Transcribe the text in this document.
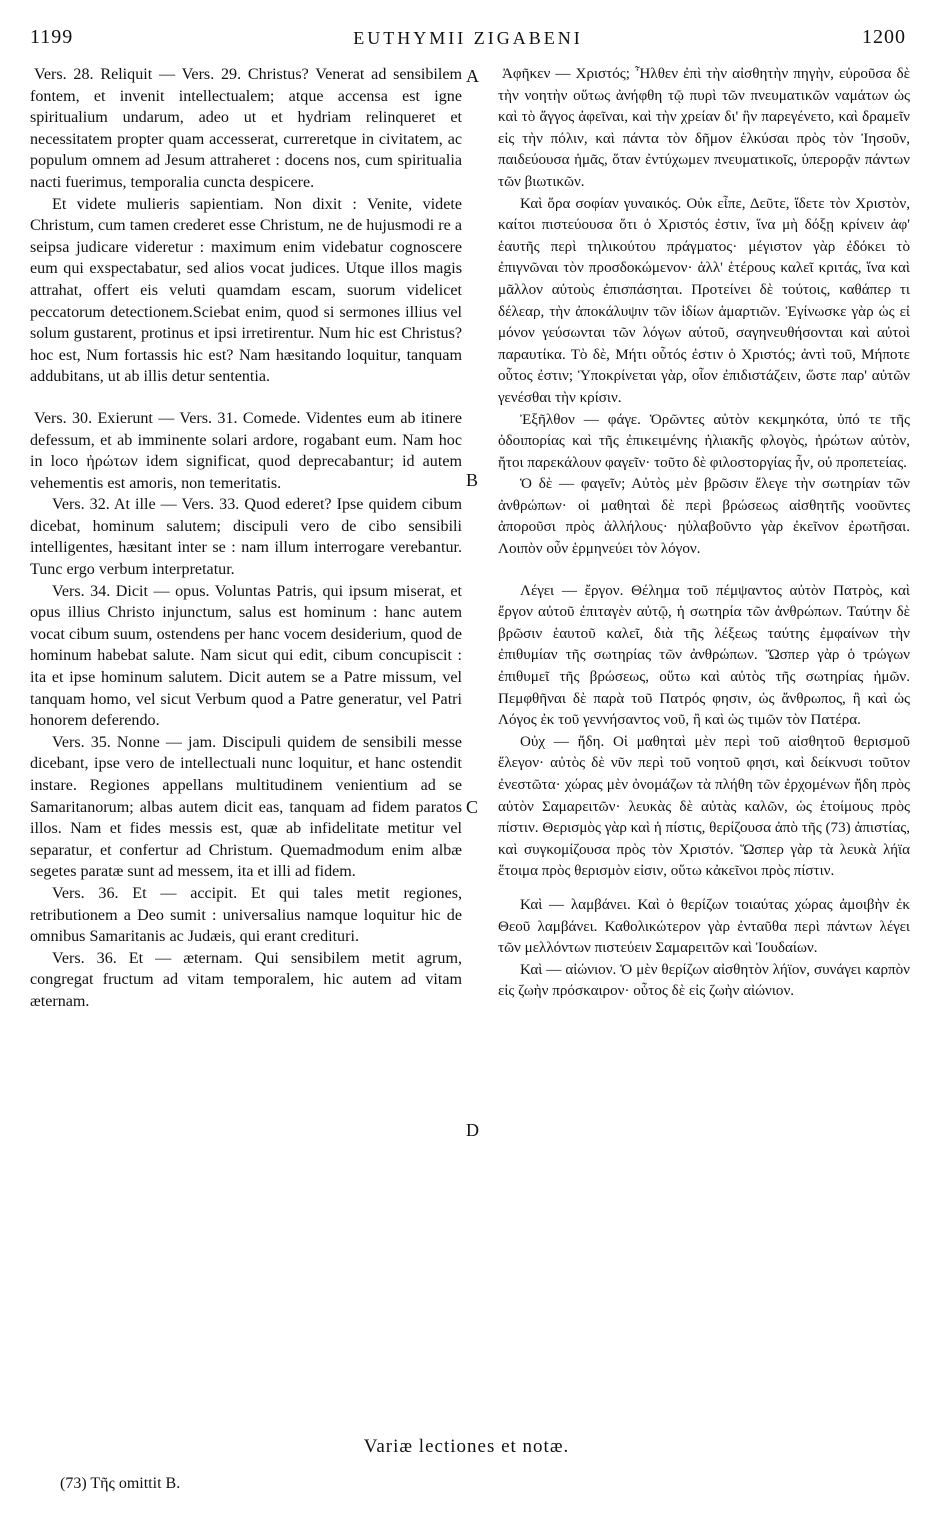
1199	EUTHYMII ZIGABENI	1200

Vers. 28. Reliquit — Vers. 29. Christus? Venerat ad sensibilem fontem, et invenit intellectualem; atque accensa est igne spiritualium undarum, adeo ut et hydriam relinqueret et necessitatem propter quam accesserat, curreretque in civitatem, ac populum omnem ad Jesum attraheret : docens nos, cum spiritualia nacti fuerimus, temporalia cuncta despicere.

Et videte mulieris sapientiam. Non dixit : Venite, videte Christum, cum tamen crederet esse Christum, ne de hujusmodi re a seipsa judicare videretur : maximum enim videbatur cognoscere eum qui exspectabatur, sed alios vocat judices. Utque illos magis attrahat, offert eis veluti quamdam escam, suorum videlicet peccatorum detectionem.Sciebat enim, quod si sermones illius vel solum gustarent, protinus et ipsi irretirentur. Num hic est Christus? hoc est, Num fortassis hic est? Nam hæsitando loquitur, tanquam addubitans, ut ab illis detur sententia.

Vers. 30. Exierunt — Vers. 31. Comede. Videntes eum ab itinere defessum, et ab imminente solari ardore, rogabant eum. Nam hoc in loco ἠρώτων idem significat, quod deprecabantur; id autem vehementis est amoris, non temeritatis.

Vers. 32. At ille — Vers. 33. Quod ederet? Ipse quidem cibum dicebat, hominum salutem; discipuli vero de cibo sensibili intelligentes, hæsitant inter se : nam illum interrogare verebantur. Tunc ergo verbum interpretatur.

Vers. 34. Dicit — opus. Voluntas Patris, qui ipsum miserat, et opus illius Christo injunctum, salus est hominum : hanc autem vocat cibum suum, ostendens per hanc vocem desiderium, quod de hominum habebat salute. Nam sicut qui edit, cibum concupiscit : ita et ipse hominum salutem. Dicit autem se a Patre missum, vel tanquam homo, vel sicut Verbum quod a Patre generatur, vel Patri honorem deferendo.

Vers. 35. Nonne — jam. Discipuli quidem de sensibili messe dicebant, ipse vero de intellectuali nunc loquitur, et hanc ostendit instare. Regiones appellans multitudinem venientium ad se Samaritanorum; albas autem dicit eas, tanquam ad fidem paratos illos. Nam et fides messis est, quæ ab infidelitate metitur vel separatur, et confertur ad Christum. Quemadmodum enim albæ segetes paratæ sunt ad messem, ita et illi ad fidem.

Vers. 36. Et — accipit. Et qui tales metit regiones, retributionem a Deo sumit : universalius namque loquitur hic de omnibus Samaritanis ac Judæis, qui erant credituri.

Vers. 36. Et — æternam. Qui sensibilem metit agrum, congregat fructum ad vitam temporalem, hic autem ad vitam æternam.

A
B
C
D

Ἀφῆκεν — Χριστός; Ἦλθεν ἐπὶ τὴν αἰσθητὴν πηγὴν, εὑροῦσα δὲ τὴν νοητὴν οὕτως ἀνήφθη τῷ πυρὶ τῶν πνευματικῶν ναμάτων ὡς καὶ τὸ ἄγγος ἀφεῖναι, καὶ τὴν χρείαν δι' ἣν παρεγένετο, καὶ δραμεῖν εἰς τὴν πόλιν, καὶ πάντα τὸν δῆμον ἑλκύσαι πρὸς τὸν Ἰησοῦν, παιδεύουσα ἡμᾶς, ὅταν ἐντύχωμεν πνευματικοῖς, ὑπερορᾷν πάντων τῶν βιωτικῶν.

Καὶ ὅρα σοφίαν γυναικός. Οὐκ εἶπε, Δεῦτε, ἴδετε τὸν Χριστὸν, καίτοι πιστεύουσα ὅτι ὁ Χριστός ἐστιν, ἵνα μὴ δόξῃ κρίνειν ἀφ' ἑαυτῆς περὶ τηλικούτου πράγματος· μέγιστον γὰρ ἐδόκει τὸ ἐπιγνῶναι τὸν προσδοκώμενον· ἀλλ' ἑτέρους καλεῖ κριτάς, ἵνα καὶ μᾶλλον αὐτοὺς ἐπισπάσηται. Προτείνει δὲ τούτοις, καθάπερ τι δέλεαρ, τὴν ἀποκάλυψιν τῶν ἰδίων ἁμαρτιῶν. Ἐγίνωσκε γὰρ ὡς εἰ μόνον γεύσωνται τῶν λόγων αὐτοῦ, σαγηνευθήσονται καὶ αὐτοὶ παραυτίκα. Τὸ δὲ, Μήτι οὗτός ἐστιν ὁ Χριστός; ἀντὶ τοῦ, Μήποτε οὗτος ἐστιν; Ὑποκρίνεται γὰρ, οἷον ἐπιδιστάζειν, ὥστε παρ' αὐτῶν γενέσθαι τὴν κρίσιν.

Ἐξῆλθον — φάγε. Ὁρῶντες αὐτὸν κεκμηκότα, ὑπό τε τῆς ὁδοιπορίας καὶ τῆς ἐπικειμένης ἡλιακῆς φλογὸς, ἠρώτων αὐτὸν, ἤτοι παρεκάλουν φαγεῖν· τοῦτο δὲ φιλοστοργίας ἦν, οὐ προπετείας.

Ὁ δὲ — φαγεῖν; Αὐτὸς μὲν βρῶσιν ἔλεγε τὴν σωτηρίαν τῶν ἀνθρώπων· οἱ μαθηταὶ δὲ περὶ βρώσεως αἰσθητῆς νοοῦντες ἀποροῦσι πρὸς ἀλλήλους· ηὐλαβοῦντο γὰρ ἐκεῖνον ἐρωτῆσαι. Λοιπὸν οὖν ἑρμηνεύει τὸν λόγον.

Λέγει — ἔργον. Θέλημα τοῦ πέμψαντος αὐτὸν Πατρὸς, καὶ ἔργον αὐτοῦ ἐπιταγὲν αὐτῷ, ἡ σωτηρία τῶν ἀνθρώπων. Ταύτην δὲ βρῶσιν ἑαυτοῦ καλεῖ, διὰ τῆς λέξεως ταύτης ἐμφαίνων τὴν ἐπιθυμίαν τῆς σωτηρίας τῶν ἀνθρώπων. Ὥσπερ γὰρ ὁ τρώγων ἐπιθυμεῖ τῆς βρώσεως, οὕτω καὶ αὐτὸς τῆς σωτηρίας ἡμῶν. Πεμφθῆναι δὲ παρὰ τοῦ Πατρός φησιν, ὡς ἄνθρωπος, ἢ καὶ ὡς Λόγος ἐκ τοῦ γεννήσαντος νοῦ, ἢ καὶ ὡς τιμῶν τὸν Πατέρα.

Οὐχ — ἤδη. Οἱ μαθηταὶ μὲν περὶ τοῦ αἰσθητοῦ θερισμοῦ ἔλεγον· αὐτὸς δὲ νῦν περὶ τοῦ νοητοῦ φησι, καὶ δείκνυσι τοῦτον ἐνεστῶτα· χώρας μὲν ὀνομάζων τὰ πλήθη τῶν ἐρχομένων ἤδη πρὸς αὐτὸν Σαμαρειτῶν· λευκὰς δὲ αὐτὰς καλῶν, ὡς ἑτοίμους πρὸς πίστιν. Θερισμὸς γὰρ καὶ ἡ πίστις, θερίζουσα ἀπὸ τῆς (73) ἀπιστίας, καὶ συγκομίζουσα πρὸς τὸν Χριστόν. Ὥσπερ γὰρ τὰ λευκὰ λήϊα ἕτοιμα πρὸς θερισμὸν εἰσιν, οὕτω κἀκεῖνοι πρὸς πίστιν.

Καὶ — λαμβάνει. Καὶ ὁ θερίζων τοιαύτας χώρας ἀμοιβὴν ἐκ Θεοῦ λαμβάνει. Καθολικώτερον γὰρ ἐνταῦθα περὶ πάντων λέγει τῶν μελλόντων πιστεύειν Σαμαρειτῶν καὶ Ἰουδαίων.

Καὶ — αἰώνιον. Ὁ μὲν θερίζων αἰσθητὸν λήϊον, συνάγει καρπὸν εἰς ζωὴν πρόσκαιρον· οὗτος δὲ εἰς ζωὴν αἰώνιον.

Variæ lectiones et notæ.
(73) Τῆς omittit B.
